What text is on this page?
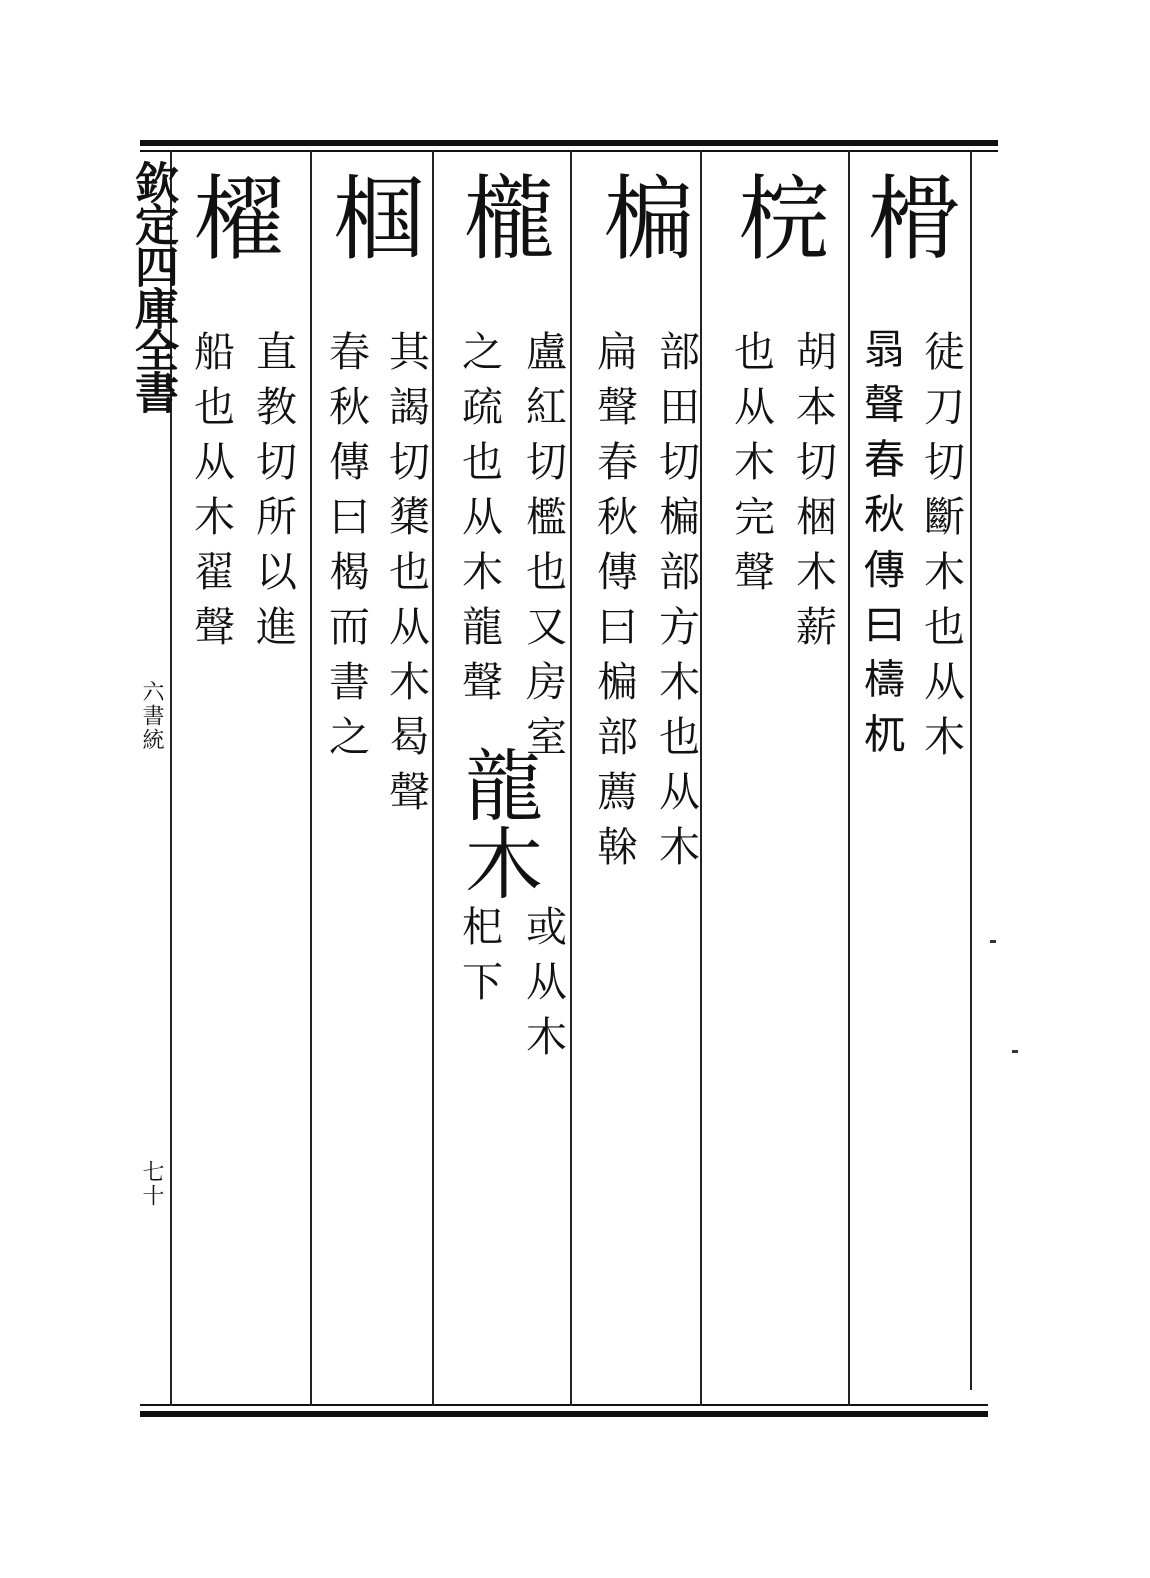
欽定四庫全書
六書統
七十
榾
徒刀切斷木也从木
𦐇聲春秋傳曰檮杌
梡
胡本切梱木薪
也从木完聲
楄
部田切楄部方木也从木
扁聲春秋傳曰楄部薦榦
櫳
盧紅切檻也又房室
之疏也从木龍聲
龍木
或从木
𣏌下
椢
其謁切橥也从木曷聲
春秋傳曰楬而書之
櫂
直教切所以進
船也从木翟聲
